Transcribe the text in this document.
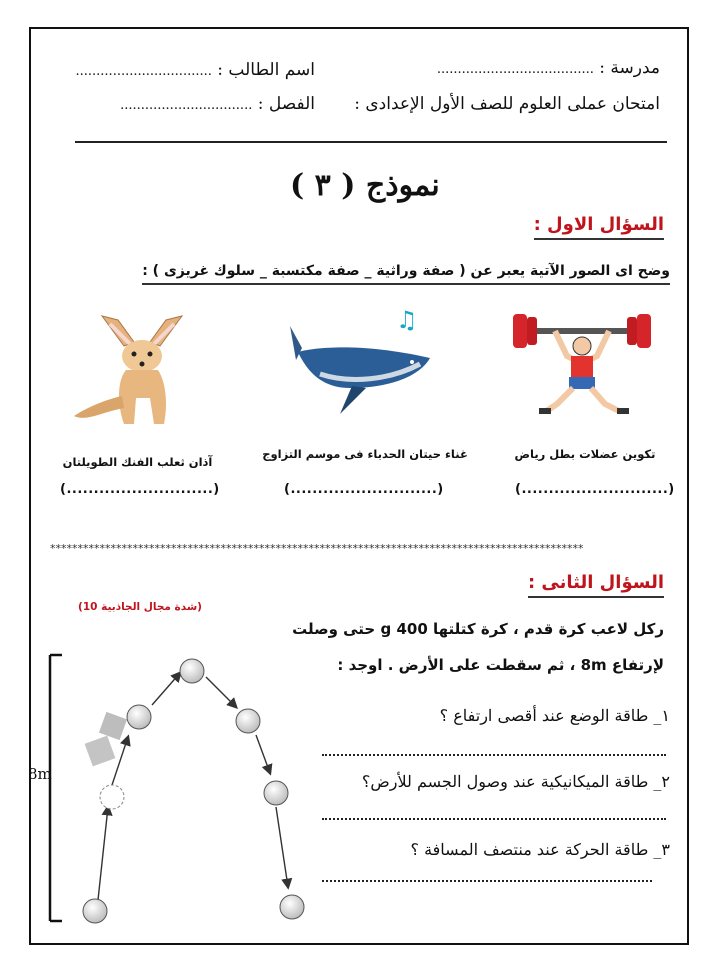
مدرسة : ......................................
اسم الطالب : .................................
امتحان عملى العلوم للصف الأول الإعدادى :
الفصل : ................................
نموذج ( ٣ )
السؤال الاول :
وضح اى الصور الآتية يعبر عن ( صفة وراثية _ صفة مكتسبة _ سلوك غريزى ) :
♫
تكوين عضلات بطل رياض
غناء حيتان الحدباء فى موسم التزاوج
آذان ثعلب الفنك الطويلتان
(...........................)
(...........................)
(...........................)
*************************************************************************************************
السؤال الثانى :
(شدة مجال الجاذبية 10)
ركل لاعب كرة قدم ، كرة كتلتها 400 g حتى وصلت
لإرتفاع 8m ، ثم سقطت على الأرض . اوجد :
١_ طاقة الوضع عند أقصى ارتفاع ؟
٢_ طاقة الميكانيكية عند وصول الجسم للأرض؟
٣_ طاقة الحركة عند منتصف المسافة ؟
8m
